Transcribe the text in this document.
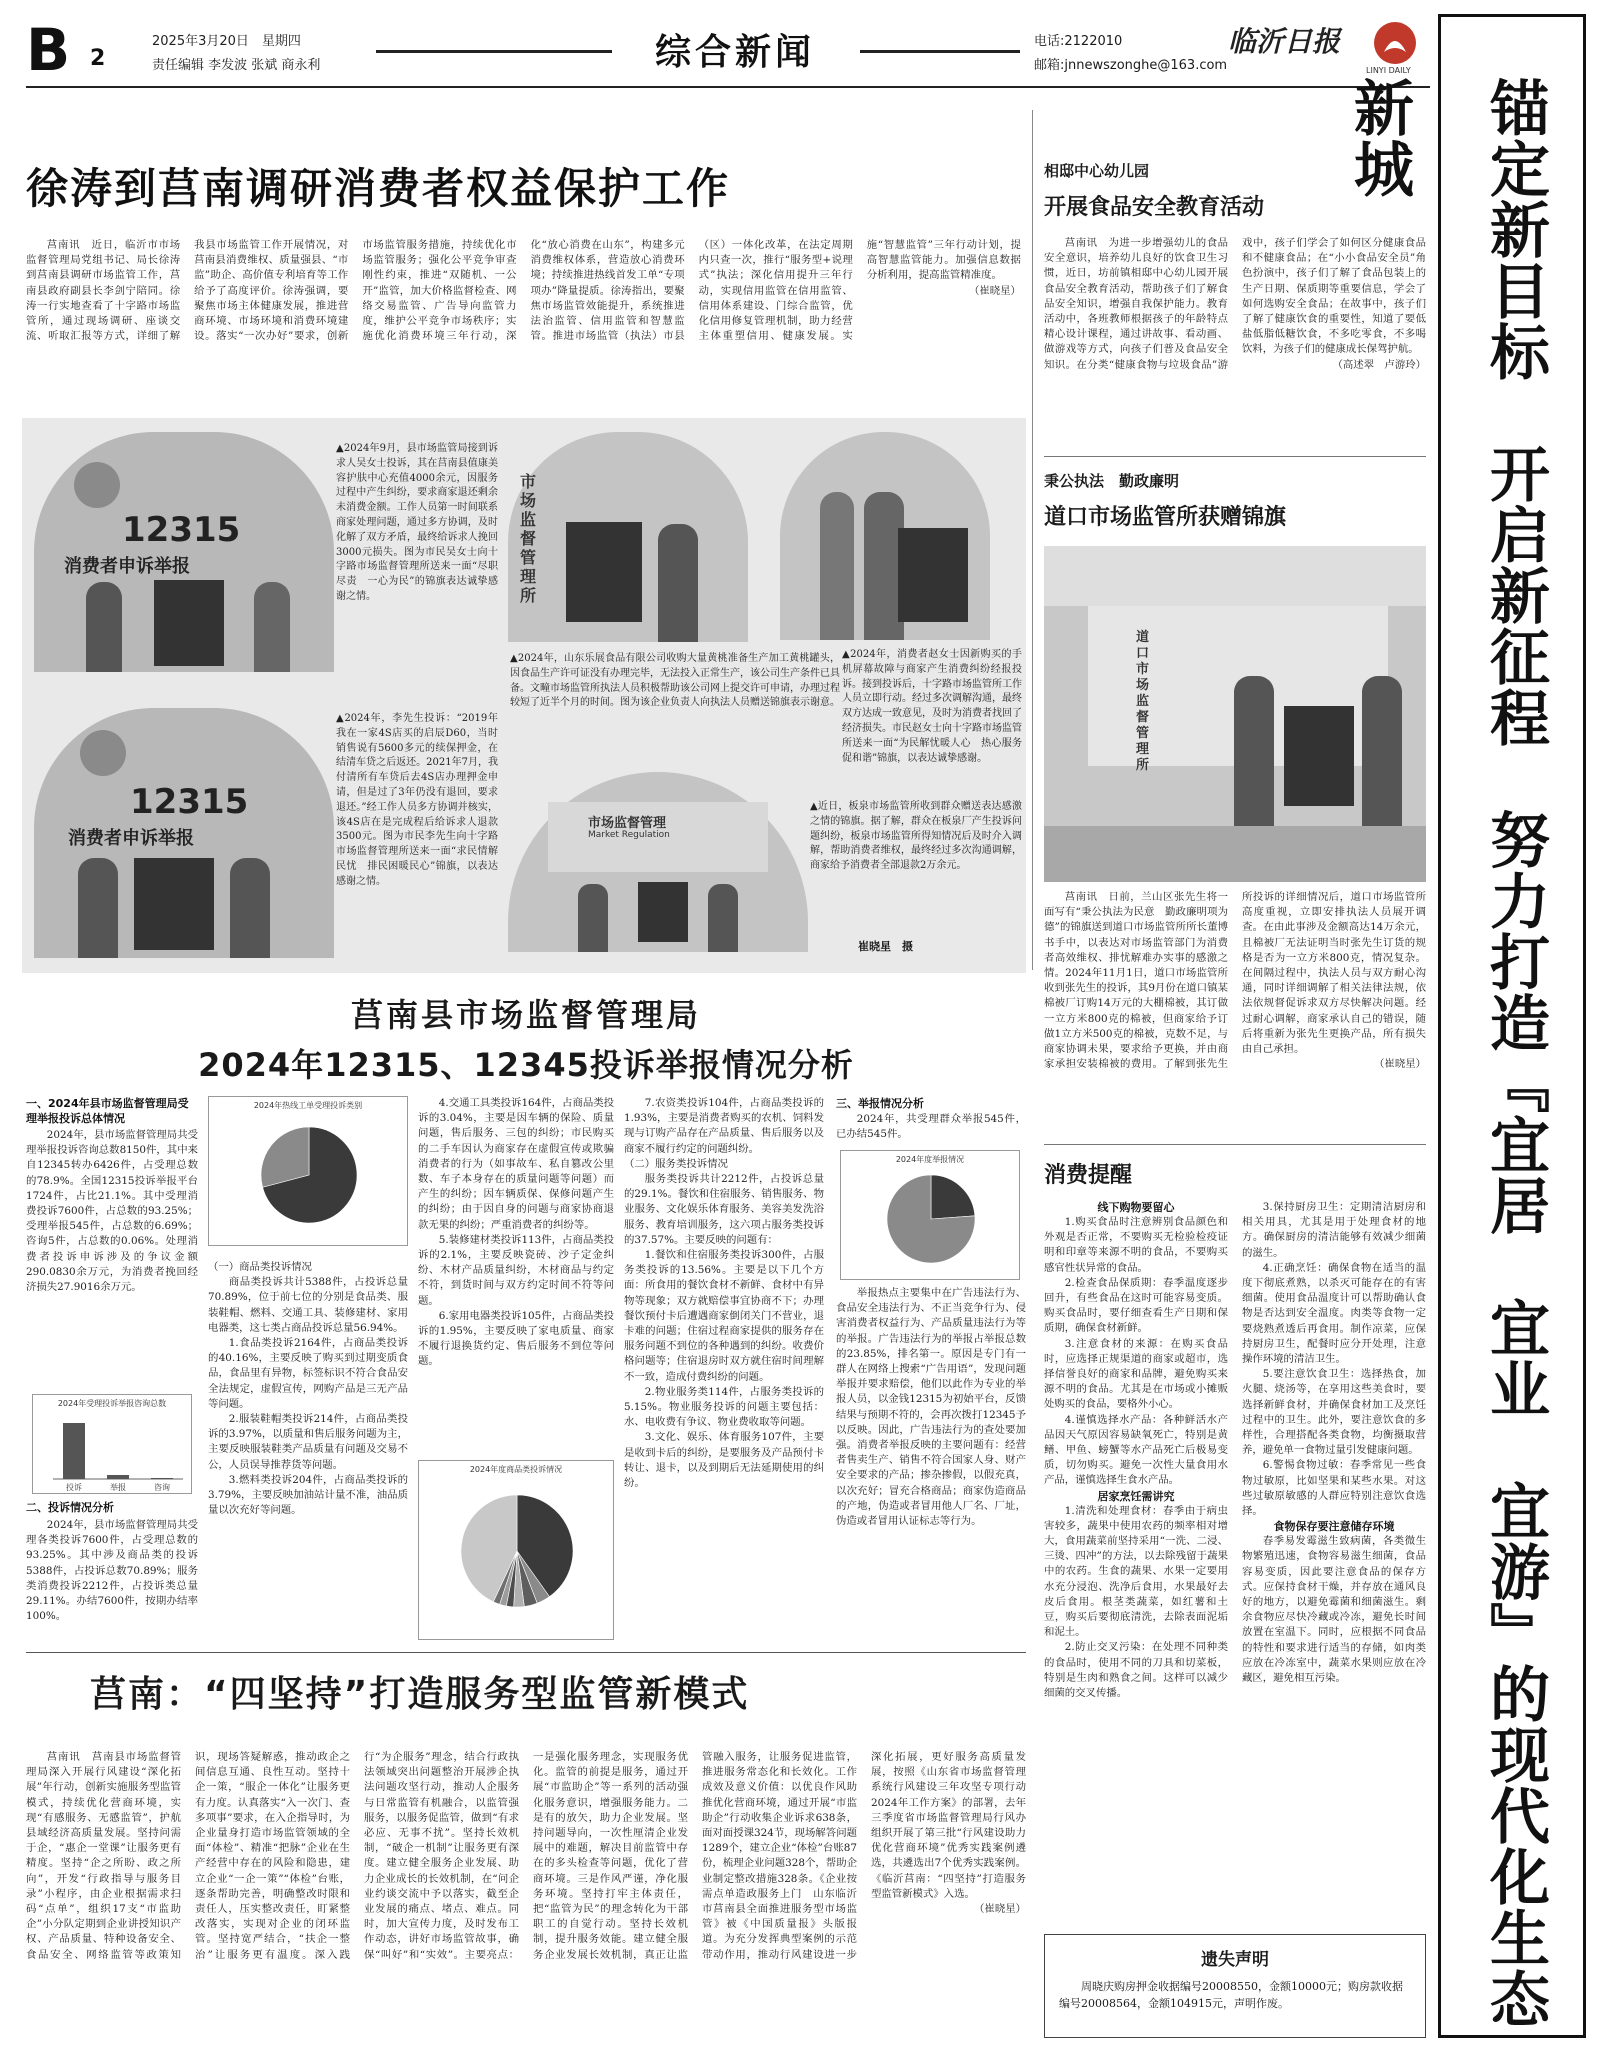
B 2
2025年3月20日　星期四
责任编辑 李发波 张斌 商永利	综合新闻	电话:2122010
邮箱:jnnewszonghe@163.com
临沂日报
LINYI DAILY
锚定新目标　开启新征程　努力打造『宜居　宜业　宜游』的现代化生态新城
徐涛到莒南调研消费者权益保护工作

莒南讯　近日，临沂市市场监督管理局党组书记、局长徐涛到莒南县调研市场监管工作，莒南县政府副县长李剑宁陪同。徐涛一行实地查看了十字路市场监管所，通过现场调研、座谈交流、听取汇报等方式，详细了解我县市场监管工作开展情况，对莒南县消费维权、质量强县、“市监”助企、高价值专利培育等工作给予了高度评价。徐涛强调，要聚焦市场主体健康发展，推进营商环境、市场环境和消费环境建设。落实“一次办好”要求，创新市场监管服务措施，持续优化市场监管服务；强化公平竞争审查刚性约束，推进“双随机、一公开”监管，加大价格监督检查、网络交易监管、广告导向监管力度，维护公平竞争市场秩序；实施优化消费环境三年行动，深化“放心消费在山东”，构建多元消费维权体系，营造放心消费环境；持续推进热线首发工单“专项项办”降量提质。徐涛指出，要聚焦市场监管效能提升，系统推进法治监管、信用监管和智慧监管。推进市场监管（执法）市县（区）一体化改革，在法定周期内只查一次，推行“服务型+说理式”执法；深化信用提升三年行动，实现信用监管在信用监管、信用体系建设、门综合监管，优化信用修复管理机制，助力经营主体重塑信用、健康发展。实施“智慧监管”三年行动计划，提高智慧监管能力。加强信息数据分析利用，提高监管精准度。

（崔晓星）

12315
消费者申诉举报
▲2024年9月，县市场监管局接到诉求人吴女士投诉，其在莒南县值康美容护肤中心充值4000余元，因服务过程中产生纠纷，要求商家退还剩余未消费金额。工作人员第一时间联系商家处理问题，通过多方协调，及时化解了双方矛盾，最终给诉求人挽回3000元损失。图为市民吴女士向十字路市场监督管理所送来一面“尽职尽责　一心为民”的锦旗表达诚挚感谢之情。
12315
消费者申诉举报
▲2024年，李先生投诉：“2019年我在一家4S店买的启辰D60，当时销售说有5600多元的续保押金，在结清车贷之后返还。2021年7月，我付清所有车贷后去4S店办理押金申请，但是过了3年仍没有退回，要求退还。”经工作人员多方协调并核实，该4S店在是完成程后给诉求人退款3500元。图为市民李先生向十字路市场监督管理所送来一面“求民情解民忧　排民困暖民心”锦旗，以表达感谢之情。
市场监督管理所
▲2024年，山东乐展食品有限公司收购大量黄桃准备生产加工黄桃罐头，因食品生产许可证没有办理完毕，无法投入正常生产，该公司生产条件已具备。文疃市场监管所执法人员积极帮助该公司网上提交许可申请，办理过程较短了近半个月的时间。图为该企业负责人向执法人员赠送锦旗表示谢意。
▲2024年，消费者赵女士因新购买的手机屏幕故障与商家产生消费纠纷经报投诉。接到投诉后，十字路市场监管所工作人员立即行动。经过多次调解沟通，最终双方达成一致意见，及时为消费者找回了经济损失。市民赵女士向十字路市场监管所送来一面“为民解忧暖人心　热心服务促和谐”锦旗，以表达诚挚感谢。
市场监督管理
Market Regulation
▲近日，板泉市场监管所收到群众赠送表达感激之情的锦旗。据了解，群众在板泉厂产生投诉问题纠纷，板泉市场监管所得知情况后及时介入调解，帮助消费者维权，最终经过多次沟通调解，商家给予消费者全部退款2万余元。
崔晓星　摄
莒南县市场监督管理局
2024年12315、12345投诉举报情况分析
一、2024年县市场监督管理局受理举报投诉总体情况

2024年，县市场监督管理局共受理举报投诉咨询总数8150件，其中来自12345转办6426件，占受理总数的78.9%。全国12315投诉举报平台1724件，占比21.1%。其中受理消费投诉7600件，占总数的93.25%；受理举报545件，占总数的6.69%；咨询5件，占总数的0.06%。处理消费者投诉申诉涉及的争议金额290.0830余万元，为消费者挽回经济损失27.9016余万元。

2024年受理投诉举报咨询总数
投诉	举报	咨询
二、投诉情况分析

2024年，县市场监督管理局共受理各类投诉7600件，占受理总数的93.25%。其中涉及商品类的投诉5388件，占投诉总数70.89%；服务类消费投诉2212件，占投诉类总量29.11%。办结7600件，按期办结率100%。

2024年热线工单受理投诉类别

（一）商品类投诉情况

商品类投诉共计5388件，占投诉总量70.89%，位于前七位的分别是食品类、服装鞋帽、燃料、交通工具、装修建材、家用电器类，这七类占商品投诉总量56.94%。

1.食品类投诉2164件，占商品类投诉的40.16%，主要反映了购买到过期变质食品，食品里有异物，标签标识不符合食品安全法规定，虚假宣传，网购产品是三无产品等问题。

2.服装鞋帽类投诉214件，占商品类投诉的3.97%，以质量和售后服务问题为主，主要反映服装鞋类产品质量有问题及交易不公，人员误导推荐货等问题。

3.燃料类投诉204件，占商品类投诉的3.79%，主要反映加油站计量不准，油品质量以次充好等问题。

4.交通工具类投诉164件，占商品类投诉的3.04%，主要是因车辆的保险、质量问题，售后服务、三包的纠纷；市民购买的二手车因认为商家存在虚假宣传或欺骗消费者的行为（如事故车、私自篡改公里数、车子本身存在的质量问题等问题）而产生的纠纷；因车辆质保、保修问题产生的纠纷；由于因自身的问题与商家协商退款无果的纠纷；严重消费者的纠纷等。

5.装修建材类投诉113件，占商品类投诉的2.1%，主要反映瓷砖、沙子定金纠纷、木材产品质量纠纷，木材商品与约定不符，到货时间与双方约定时间不符等问题。

6.家用电器类投诉105件，占商品类投诉的1.95%，主要反映了家电质量、商家不履行退换货约定、售后服务不到位等问题。

2024年度商品类投诉情况

7.农资类投诉104件，占商品类投诉的1.93%，主要是消费者购买的农机、饲料发现与订购产品存在产品质量、售后服务以及商家不履行约定的问题纠纷。

（二）服务类投诉情况

服务类投诉共计2212件，占投诉总量的29.1%。餐饮和住宿服务、销售服务、物业服务、文化娱乐体育服务、美容美发洗浴服务、教育培训服务，这六项占服务类投诉的37.57%。主要反映的问题有：

1.餐饮和住宿服务类投诉300件，占服务类投诉的13.56%。主要是以下几个方面：所食用的餐饮食材不新鲜、食材中有异物等现象；双方就赔偿事宜协商不下；办理餐饮预付卡后遭遇商家倒闭关门不营业，退卡难的问题；住宿过程商家提供的服务存在服务问题不到位的各种遇到的纠纷。收费价格问题等；住宿退房时双方就住宿时间理解不一致，造成付费纠纷的问题。

2.物业服务类114件，占服务类投诉的5.15%。物业服务投诉的问题主要包括：水、电收费有争议、物业费收取等问题。

3.文化、娱乐、体育服务107件，主要是收到卡后的纠纷，是要服务及产品预付卡转让、退卡，以及到期后无法延期使用的纠纷。

三、举报情况分析

2024年，共受理群众举报545件，已办结545件。

2024年度举报情况

举报热点主要集中在广告违法行为、食品安全违法行为、不正当竞争行为、侵害消费者权益行为、产品质量违法行为等的举报。广告违法行为的举报占举报总数的23.85%，排名第一。原因是专门有一群人在网络上搜索“广告用语”，发现问题举报并要求赔偿，他们以此作为专业的举报人员，以金钱12315为初始平台，反馈结果与预期不符的，会再次拨打12345予以反映。因此，广告违法行为的查处要加强。消费者举报反映的主要问题有：经营者售卖生产、销售不符合国家人身、财产安全要求的产品；掺杂掺假，以假充真，以次充好；冒充合格商品；商家伪造商品的产地，伪造或者冒用他人厂名、厂址，伪造或者冒用认证标志等行为。

莒南：“四坚持”打造服务型监管新模式

莒南讯　莒南县市场监督管理局深入开展行风建设“深化拓展”年行动，创新实施服务型监管模式，持续优化营商环境，实现“有感服务、无感监管”，护航县域经济高质量发展。坚持问需于企，“惠企一堂课”让服务更有精度。坚持“企之所盼、政之所向”，开发“行政指导与服务目录”小程序，由企业根据需求扫码“点单”，组织17支“市监助企”小分队定期到企业讲授知识产权、产品质量、特种设备安全、食品安全、网络监管等政策知识，现场答疑解惑，推动政企之间信息互通、良性互动。坚持十企一策，“服企一体化”让服务更有力度。认真落实“入一次门、查多项事”要求，在入企指导时，为企业量身打造市场监管领域的全面“体检”、精准“把脉”企业在生产经营中存在的风险和隐患，建立企业“一企一策”“体检”台账，逐条帮助完善，明确整改时限和责任人，压实整改责任，盯紧整改落实，实现对企业的闭环监管。坚持宽严结合，“扶企一整治”让服务更有温度。深入践行“为企服务”理念，结合行政执法领域突出问题整治开展涉企执法问题攻坚行动，推动人企服务与日常监管有机融合，以监管强服务，以服务促监管，做到“有求必应、无事不扰”。坚持长效机制，“破企一机制”让服务更有深度。建立健全服务企业发展、助力企业成长的长效机制，在“问企业约谈交流中予以落实，截至企业发展的痛点、堵点、难点。同时，加大宣传力度，及时发布工作动态，讲好市场监管故事，确保“叫好”和“实效”。主要亮点：一是强化服务理念，实现服务优化。监管的前提是服务，通过开展“市监助企”等一系列的活动强化服务意识，增强服务能力。二是有的放矢，助力企业发展。坚持问题导向，一次性厘清企业发展中的难题，解决目前监管中存在的多头检查等问题，优化了营商环境。三是作风严谨，净化服务环境。坚持打牢主体责任，把“监管为民”的理念转化为干部职工的自觉行动。坚持长效机制，提升服务效能。建立健全服务企业发展长效机制，真正让监管融入服务，让服务促进监管，推进服务常态化和长效化。工作成效及意义价值：以优良作风助推优化营商环境，通过开展“市监助企”行动收集企业诉求638条，面对面授课324节，现场解答问题1289个，建立企业“体检”台账87份，梳理企业问题328个，帮助企业制定整改措施328条。《企业按需点单造政服务上门　山东临沂市莒南县全面推进服务型市场监管》被《中国质量报》头版报道。为充分发挥典型案例的示范带动作用，推动行风建设进一步深化拓展，更好服务高质量发展，按照《山东省市场监督管理系统行风建设三年攻坚专项行动2024年工作方案》的部署，去年三季度省市场监督管理局行风办组织开展了第三批“行风建设助力优化营商环境”优秀实践案例遴选，共遴选出7个优秀实践案例。《临沂莒南：“四坚持”打造服务型监管新模式》入选。

（崔晓星）

相邸中心幼儿园
开展食品安全教育活动

莒南讯　为进一步增强幼儿的食品安全意识，培养幼儿良好的饮食卫生习惯，近日，坊前镇相邸中心幼儿园开展食品安全教育活动，帮助孩子们了解食品安全知识，增强自我保护能力。教育活动中，各班教师根据孩子的年龄特点精心设计课程，通过讲故事、看动画、做游戏等方式，向孩子们普及食品安全知识。在分类“健康食物与垃圾食品”游戏中，孩子们学会了如何区分健康食品和不健康食品；在“小小食品安全员”角色扮演中，孩子们了解了食品包装上的生产日期、保质期等重要信息，学会了如何选购安全食品；在故事中，孩子们了解了健康饮食的重要性，知道了要低盐低脂低糖饮食，不多吃零食，不多喝饮料，为孩子们的健康成长保驾护航。

（高述翠　卢游玲）

秉公执法　勤政廉明
道口市场监管所获赠锦旗
道口市场监督管理所

莒南讯　日前，兰山区张先生将一面写有“秉公执法为民意　勤政廉明项为德”的锦旗送到道口市场监管所所长董博书手中，以表达对市场监管部门为消费者高效维权、排忧解难办实事的感激之情。2024年11月1日，道口市场监管所收到张先生的投诉，其9月份在道口镇某棉被厂订购14万元的大棚棉被，其订做一立方米800克的棉被，但商家给予订做1立方米500克的棉被，克数不足，与商家协调未果，要求给予更换，并由商家承担安装棉被的费用。了解到张先生所投诉的详细情况后，道口市场监管所高度重视，立即安排执法人员展开调查。在由此事涉及金额高达14万余元，且棉被厂无法证明当时张先生订货的规格是否为一立方米800克，情况复杂。在间隔过程中，执法人员与双方耐心沟通，同时详细调解了相关法律法规，依法依规督促诉求双方尽快解决问题。经过耐心调解，商家承认自己的错误，随后将重新为张先生更换产品，所有损失由自己承担。

（崔晓星）

消费提醒

线下购物要留心

1.购买食品时注意辨别食品颜色和外观是否正常，不要购买无检验检疫证明和印章等来源不明的食品，不要购买感官性状异常的食品。

2.检查食品保质期：春季温度逐步回升，有些食品在这时可能容易变质。购买食品时，要仔细查看生产日期和保质期，确保食材新鲜。

3.注意食材的来源：在购买食品时，应选择正规渠道的商家或超市，选择信誉良好的商家和品牌，避免购买来源不明的食品。尤其是在市场或小摊贩处购买的食品，要格外小心。

4.谨慎选择水产品：各种鲜活水产品因天气原因容易缺氧死亡，特别是黄鳝、甲鱼、螃蟹等水产品死亡后极易变质，切勿购买。避免一次性大量食用水产品，谨慎选择生食水产品。

居家烹饪需讲究

1.清洗和处理食材：春季由于病虫害较多，蔬果中使用农药的频率相对增大，食用蔬菜前坚持采用“一洗、二浸、三烫、四冲”的方法，以去除残留于蔬果中的农药。生食的蔬果、水果一定要用水充分浸泡、洗净后食用，水果最好去皮后食用。根茎类蔬菜，如红薯和土豆，购买后要彻底清洗，去除表面泥垢和泥土。

2.防止交叉污染：在处理不同种类的食品时，使用不同的刀具和切菜板，特别是生肉和熟食之间。这样可以减少细菌的交叉传播。

3.保持厨房卫生：定期清洁厨房和相关用具，尤其是用于处理食材的地方。确保厨房的清洁能够有效减少细菌的滋生。

4.正确烹饪：确保食物在适当的温度下彻底煮熟，以杀灭可能存在的有害细菌。使用食品温度计可以帮助确认食物是否达到安全温度。肉类等食物一定要烧熟煮透后再食用。制作凉菜，应保持厨房卫生，配餐时应分开处理，注意操作环境的清洁卫生。

5.要注意饮食卫生：选择热食，加火腿、烧汤等，在享用这些美食时，要选择新鲜食材，并确保食材加工及烹饪过程中的卫生。此外，要注意饮食的多样性，合理搭配各类食物，均衡摄取营养，避免单一食物过量引发健康问题。

6.警惕食物过敏：春季常见一些食物过敏原，比如坚果和某些水果。对这些过敏原敏感的人群应特别注意饮食选择。

食物保存要注意储存环境

春季易发霉滋生致病菌，各类微生物繁殖迅速，食物容易滋生细菌，食品容易变质，因此要注意食品的保存方式。应保持食材干燥，并存放在通风良好的地方，以避免霉菌和细菌滋生。剩余食物应尽快冷藏或冷冻，避免长时间放置在室温下。同时，应根据不同食品的特性和要求进行适当的存储，如肉类应放在冷冻室中，蔬菜水果则应放在冷藏区，避免相互污染。

遗失声明
周晓庆购房押金收据编号20008550，金额10000元；购房款收据编号20008564，金额104915元，声明作废。
